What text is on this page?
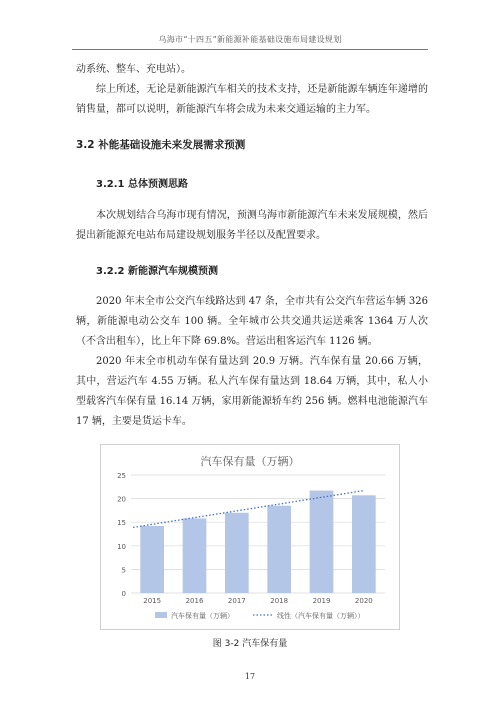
乌海市“十四五”新能源补能基础设施布局建设规划

动系统、整车、充电站）。

综上所述，无论是新能源汽车相关的技术支持，还是新能源车辆连年递增的销售量，都可以说明，新能源汽车将会成为未来交通运输的主力军。

3.2 补能基础设施未来发展需求预测
3.2.1 总体预测思路

本次规划结合乌海市现有情况，预测乌海市新能源汽车未来发展规模，然后提出新能源充电站布局建设规划服务半径以及配置要求。

3.2.2 新能源汽车规模预测

2020 年末全市公交汽车线路达到 47 条，全市共有公交汽车营运车辆 326 辆，新能源电动公交车 100 辆。全年城市公共交通共运送乘客 1364 万人次（不含出租车），比上年下降 69.8%。营运出租客运汽车 1126 辆。

2020 年末全市机动车保有量达到 20.9 万辆。汽车保有量 20.66 万辆，其中，营运汽车 4.55 万辆。私人汽车保有量达到 18.64 万辆，其中，私人小型载客汽车保有量 16.14 万辆，家用新能源轿车约 256 辆。燃料电池能源汽车 17 辆，主要是货运卡车。

汽车保有量（万辆）
0
5
10
15
20
25
2015	2016	2017	2018	2019	2020
汽车保有量（万辆）	线性（汽车保有量（万辆））
图 3-2 汽车保有量
17
